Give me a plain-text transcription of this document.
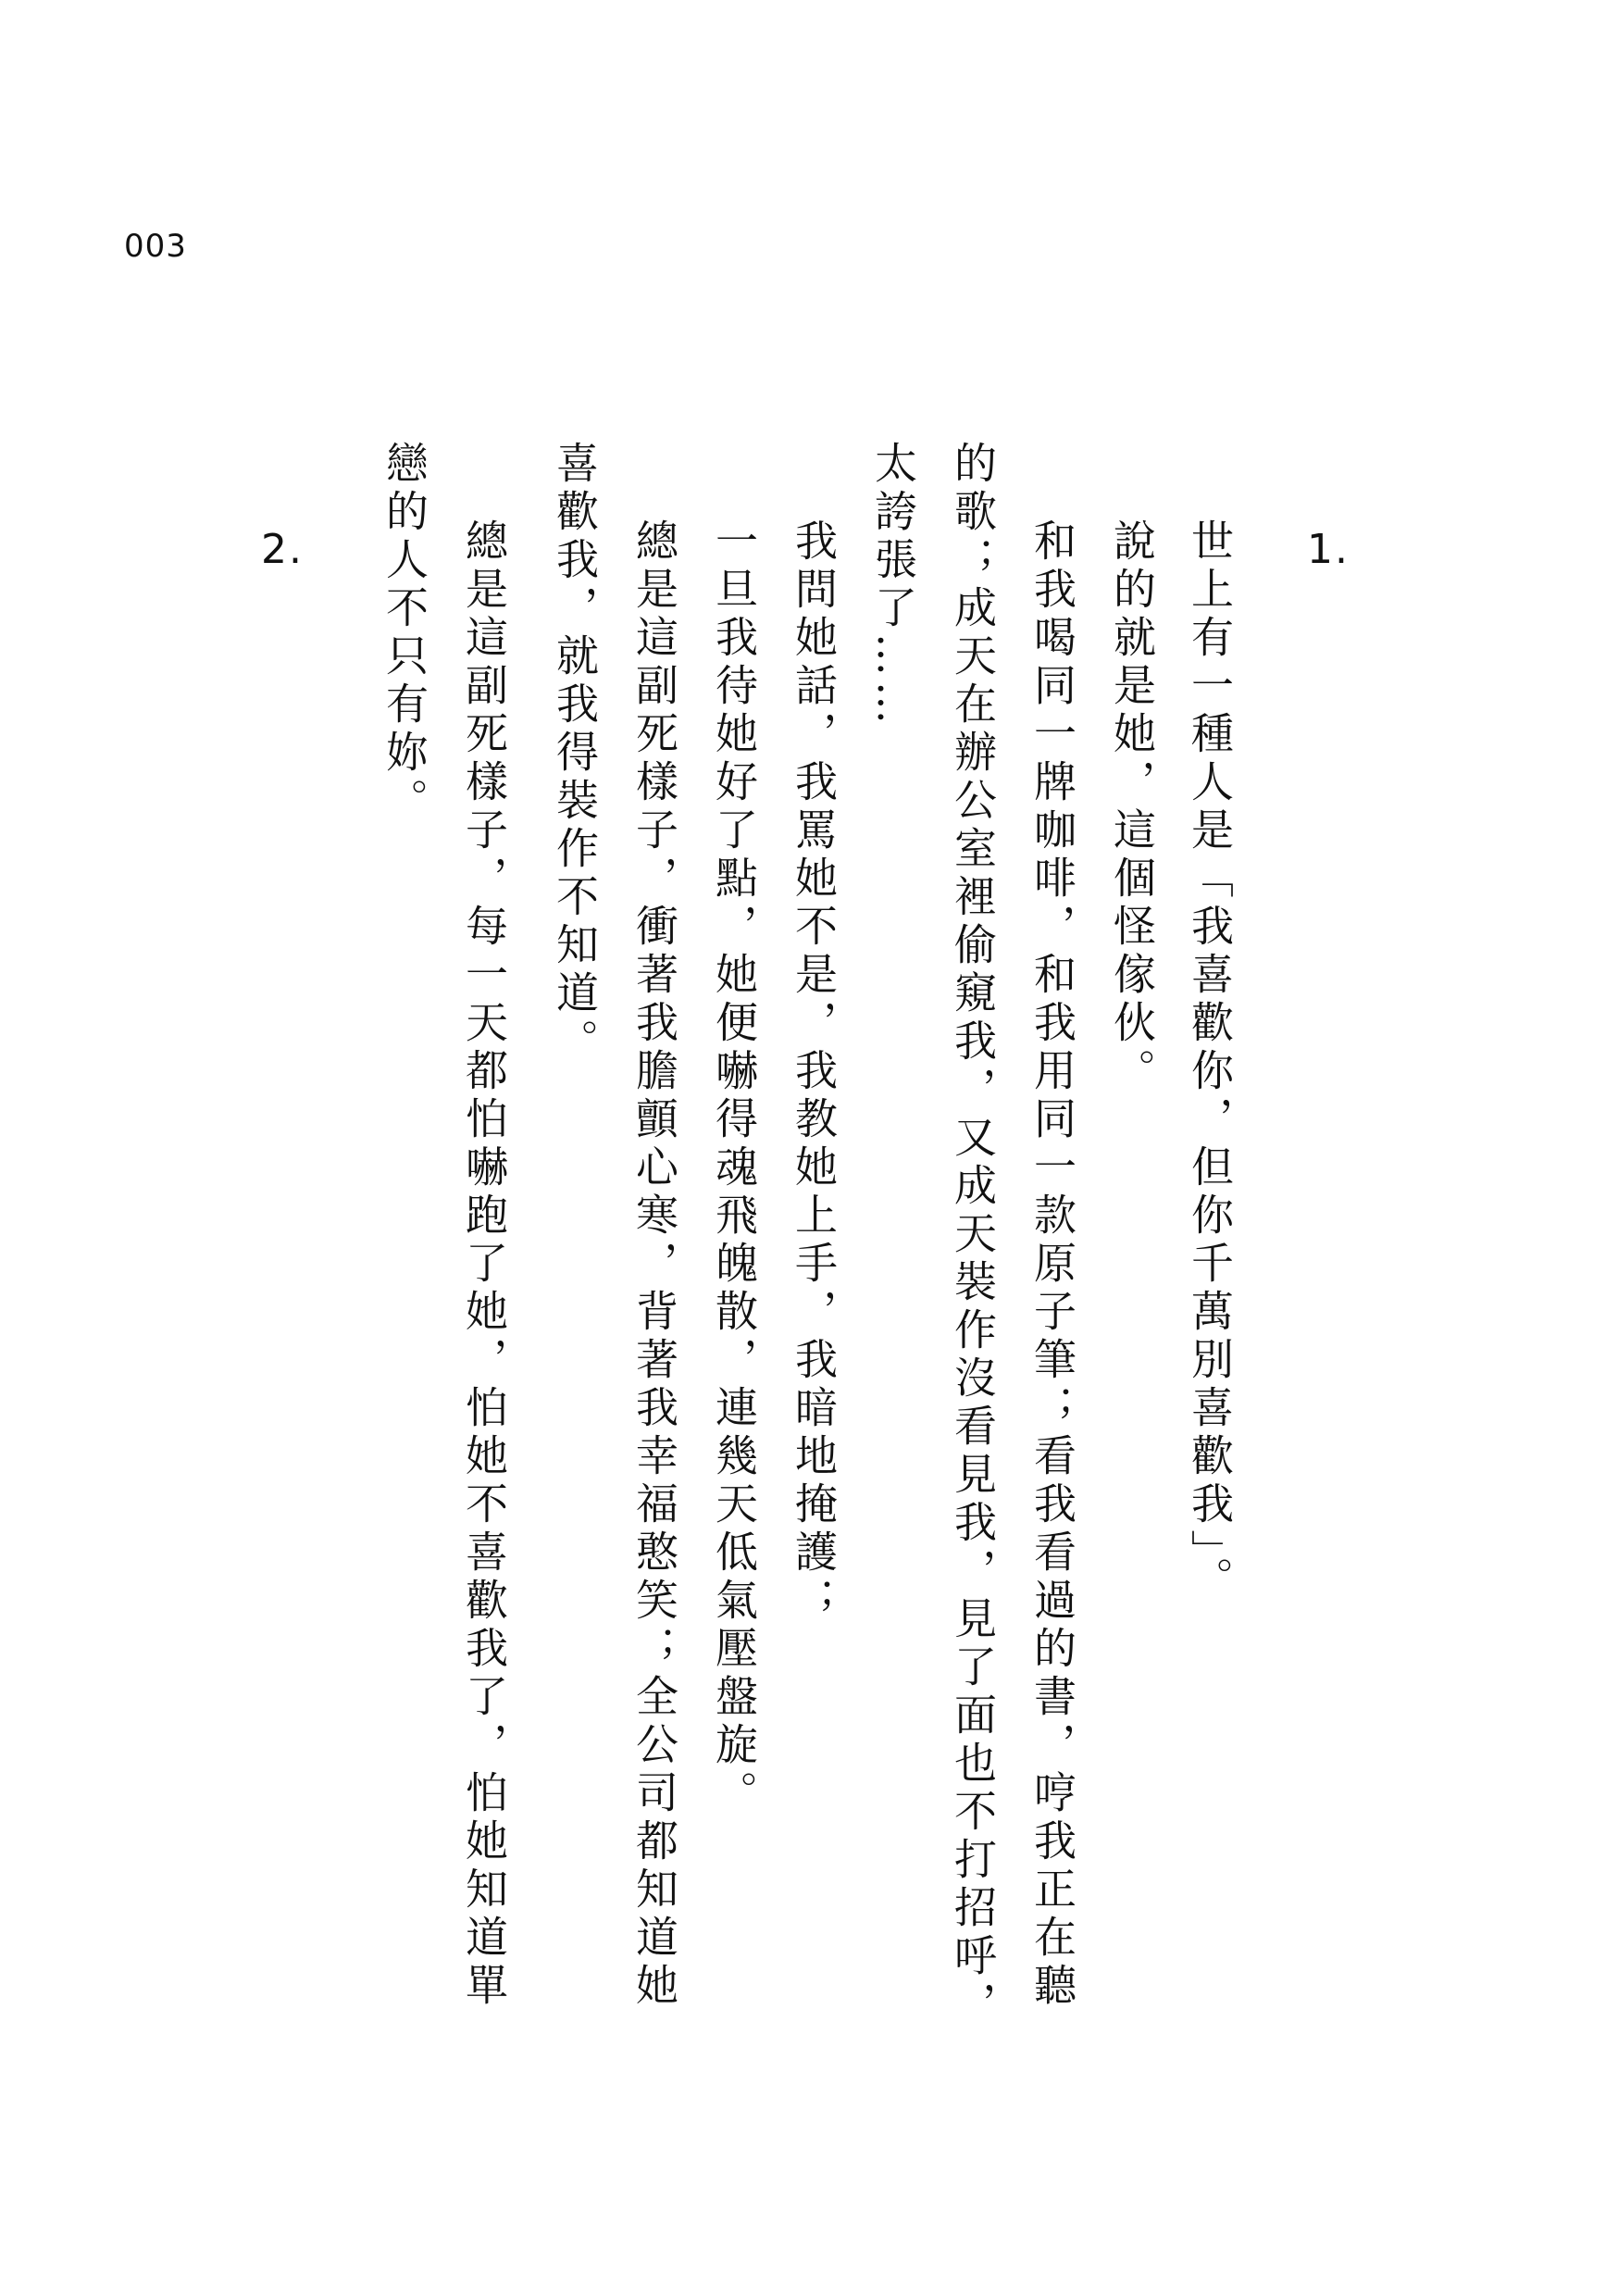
003
1.
世上有一種人是「我喜歡你，但你千萬別喜歡我」。
說的就是她，這個怪傢伙。
和我喝同一牌咖啡，和我用同一款原子筆；看我看過的書，哼我正在聽
的歌；成天在辦公室裡偷窺我，又成天裝作沒看見我，見了面也不打招呼，
太誇張了……
我問她話，我罵她不是，我教她上手，我暗地掩護；
一旦我待她好了點，她便嚇得魂飛魄散，連幾天低氣壓盤旋。
總是這副死樣子，衝著我膽顫心寒，背著我幸福憨笑；全公司都知道她
喜歡我，就我得裝作不知道。
2.	總是這副死樣子，每一天都怕嚇跑了她，怕她不喜歡我了，怕她知道單
戀的人不只有妳。
